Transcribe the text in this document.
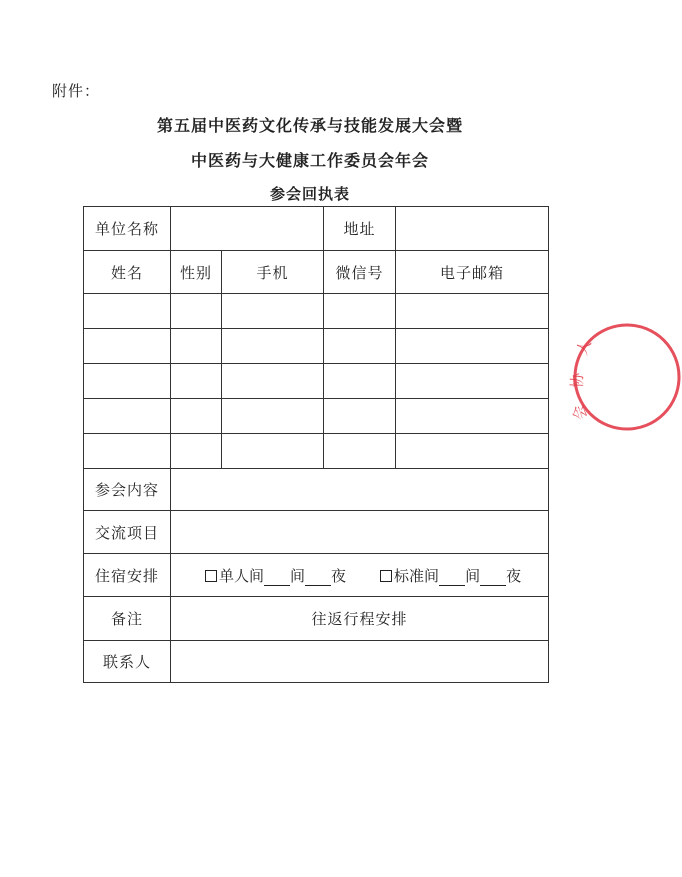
附件：
第五届中医药文化传承与技能发展大会暨
中医药与大健康工作委员会年会
参会回执表
单位名称			地址	
姓名	性别	手机	微信号	电子邮箱

参会内容				
交流项目				
住宿安排	单人间 间 夜 标准间 间 夜			
备注	往返行程安排			
联系人				
人
协
会
